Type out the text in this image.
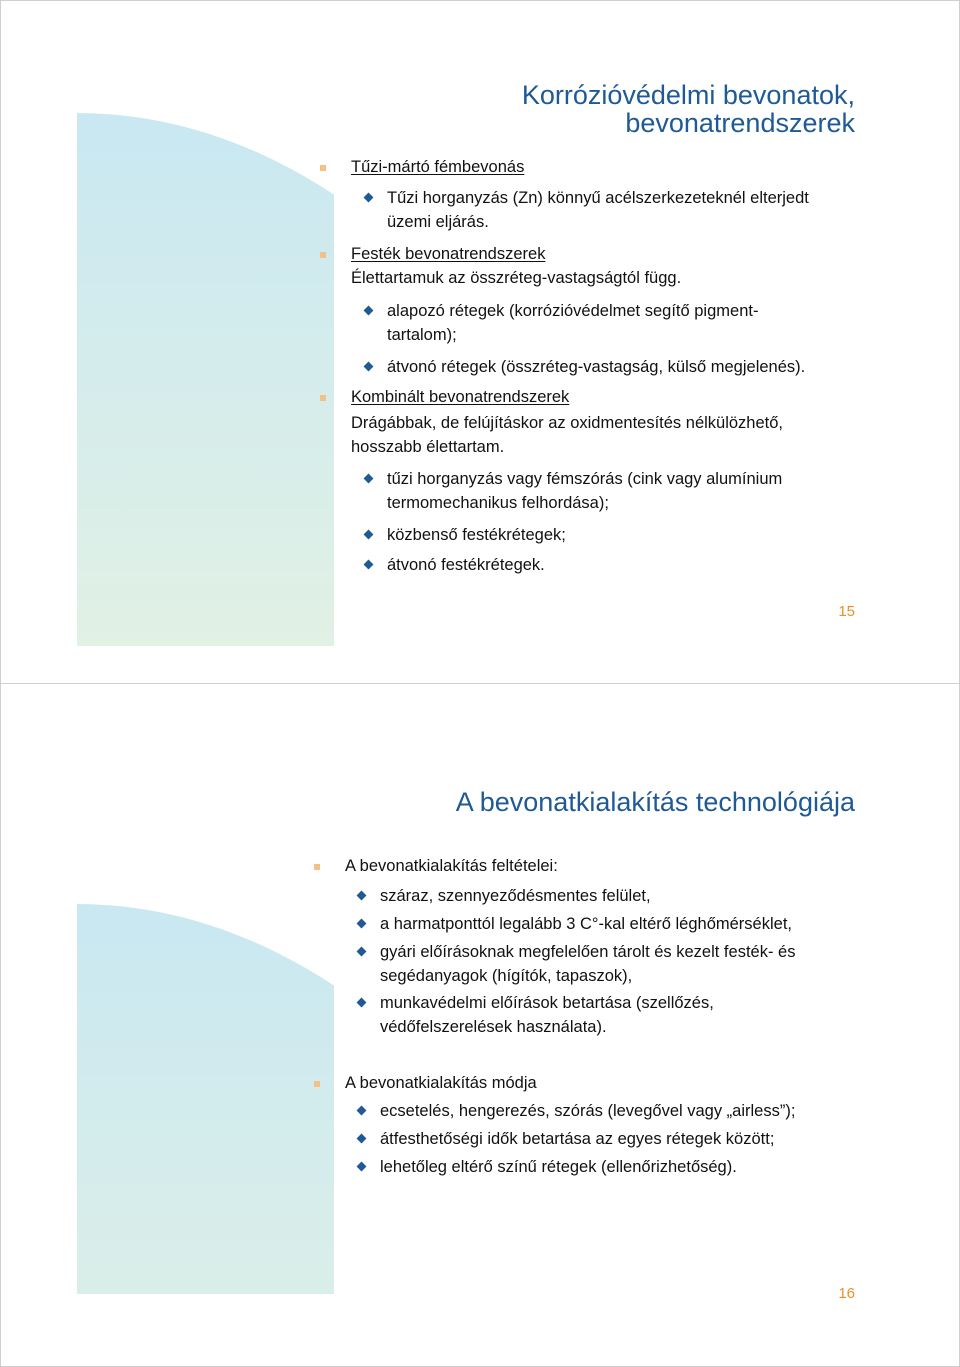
Korrózióvédelmi bevonatok,
bevonatrendszerek
Tűzi-mártó fémbevonás
Tűzi horganyzás (Zn) könnyű acélszerkezeteknél elterjedt
üzemi eljárás.
Festék bevonatrendszerek
Élettartamuk az összréteg-vastagságtól függ.
alapozó rétegek (korrózióvédelmet segítő pigment-
tartalom);
átvonó rétegek (összréteg-vastagság, külső megjelenés).
Kombinált bevonatrendszerek
Drágábbak, de felújításkor az oxidmentesítés nélkülözhető,
hosszabb élettartam.
tűzi horganyzás vagy fémszórás (cink vagy alumínium
termomechanikus felhordása);
közbenső festékrétegek;
átvonó festékrétegek.
15
A bevonatkialakítás technológiája
A bevonatkialakítás feltételei:
száraz, szennyeződésmentes felület,
a harmatponttól legalább 3 C°-kal eltérő léghőmérséklet,
gyári előírásoknak megfelelően tárolt és kezelt festék- és
segédanyagok (hígítók, tapaszok),
munkavédelmi előírások betartása (szellőzés,
védőfelszerelések használata).
A bevonatkialakítás módja
ecsetelés, hengerezés, szórás (levegővel vagy „airless”);
átfesthetőségi idők betartása az egyes rétegek között;
lehetőleg eltérő színű rétegek (ellenőrizhetőség).
16
